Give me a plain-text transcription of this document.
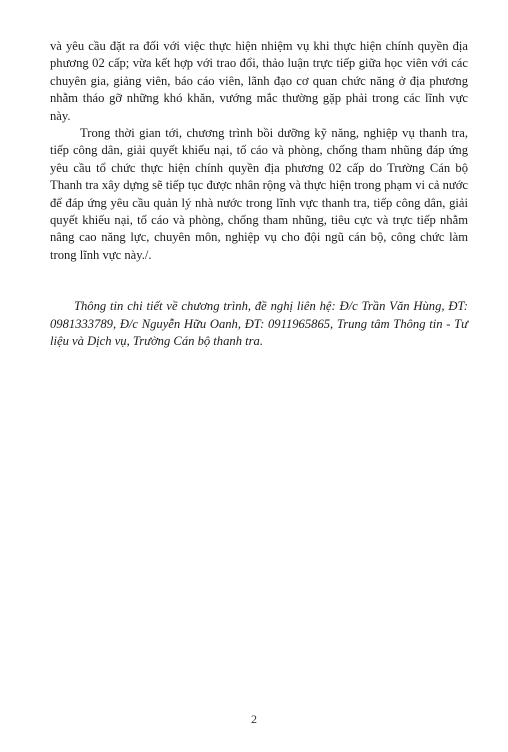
và yêu cầu đặt ra đối với việc thực hiện nhiệm vụ khi thực hiện chính quyền địa phương 02 cấp; vừa kết hợp với trao đổi, thảo luận trực tiếp giữa học viên với các chuyên gia, giảng viên, báo cáo viên, lãnh đạo cơ quan chức năng ở địa phương nhằm tháo gỡ những khó khăn, vướng mắc thường gặp phải trong các lĩnh vực này.

Trong thời gian tới, chương trình bồi dưỡng kỹ năng, nghiệp vụ thanh tra, tiếp công dân, giải quyết khiếu nại, tố cáo và phòng, chống tham nhũng đáp ứng yêu cầu tổ chức thực hiện chính quyền địa phương 02 cấp do Trường Cán bộ Thanh tra xây dựng sẽ tiếp tục được nhân rộng và thực hiện trong phạm vi cả nước để đáp ứng yêu cầu quản lý nhà nước trong lĩnh vực thanh tra, tiếp công dân, giải quyết khiếu nại, tố cáo và phòng, chống tham nhũng, tiêu cực và trực tiếp nhằm nâng cao năng lực, chuyên môn, nghiệp vụ cho đội ngũ cán bộ, công chức làm trong lĩnh vực này./.

Thông tin chi tiết về chương trình, đề nghị liên hệ: Đ/c Trần Văn Hùng, ĐT: 0981333789, Đ/c Nguyễn Hữu Oanh, ĐT: 0911965865, Trung tâm Thông tin - Tư liệu và Dịch vụ, Trường Cán bộ thanh tra.

2
